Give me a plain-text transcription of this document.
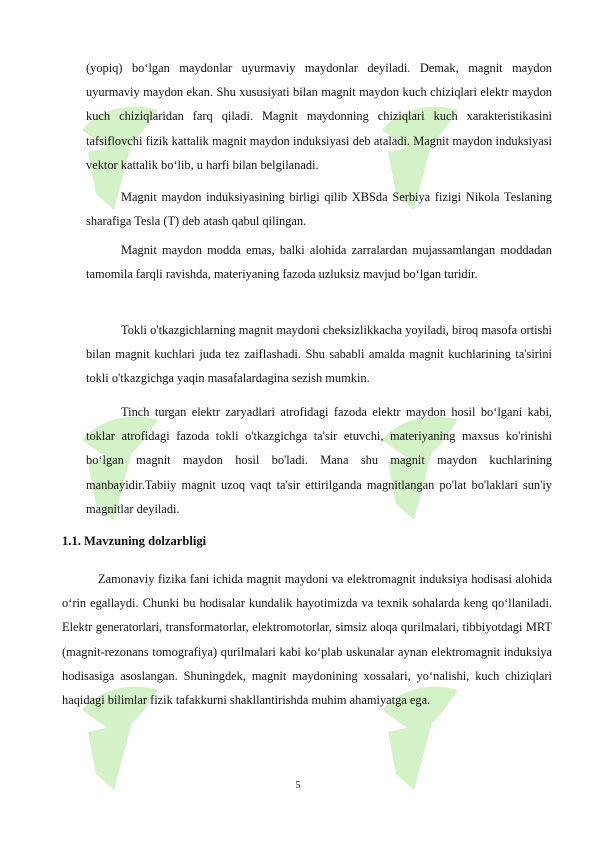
(yopiq) bo‘lgan maydonlar uyurmaviy maydonlar deyiladi. Demak, magnit maydon uyurmaviy maydon ekan. Shu xususiyati bilan magnit maydon kuch chiziqlari elektr maydon kuch chiziqlaridan farq qiladi. Magnit maydonning chiziqlari kuch xarakteristikasini tafsiflovchi fizik kattalik magnit maydon induksiyasi deb ataladi. Magnit maydon induksiyasi vektor kattalik bo‘lib, u harfi bilan belgilanadi.

Magnit maydon induksiyasining birligi qilib XBSda Serbiya fizigi Nikola Teslaning sharafiga Tesla (T) deb atash qabul qilingan.

Magnit maydon modda emas, balki alohida zarralardan mujassamlangan moddadan tamomila farqli ravishda, materiyaning fazoda uzluksiz mavjud bo‘lgan turidir.

Tokli o'tkazgichlarning magnit maydoni cheksizlikkacha yoyiladi, biroq masofa ortishi bilan magnit kuchlari juda tez zaiflashadi. Shu sababli amalda magnit kuchlarining ta'sirini tokli o'tkazgichga yaqin masafalardagina sezish mumkin.

Tinch turgan elektr zaryadlari atrofidagi fazoda elektr maydon hosil bo‘lgani kabi, toklar atrofidagi fazoda tokli o'tkazgichga ta'sir etuvchi, materiyaning maxsus ko'rinishi bo‘lgan magnit maydon hosil bo'ladi. Mana shu magnit maydon kuchlarining manbayidir.Tabiiy magnit uzoq vaqt ta'sir ettirilganda magnitlangan po'lat bo'laklari sun'iy magnitlar deyiladi.

1.1. Mavzuning dolzarbligi

Zamonaviy fizika fani ichida magnit maydoni va elektromagnit induksiya hodisasi alohida o‘rin egallaydi. Chunki bu hodisalar kundalik hayotimizda va texnik sohalarda keng qo‘llaniladi. Elektr generatorlari, transformatorlar, elektromotorlar, simsiz aloqa qurilmalari, tibbiyotdagi MRT (magnit-rezonans tomografiya) qurilmalari kabi ko‘plab uskunalar aynan elektromagnit induksiya hodisasiga asoslangan. Shuningdek, magnit maydonining xossalari, yo‘nalishi, kuch chiziqlari haqidagi bilimlar fizik tafakkurni shakllantirishda muhim ahamiyatga ega.

5
